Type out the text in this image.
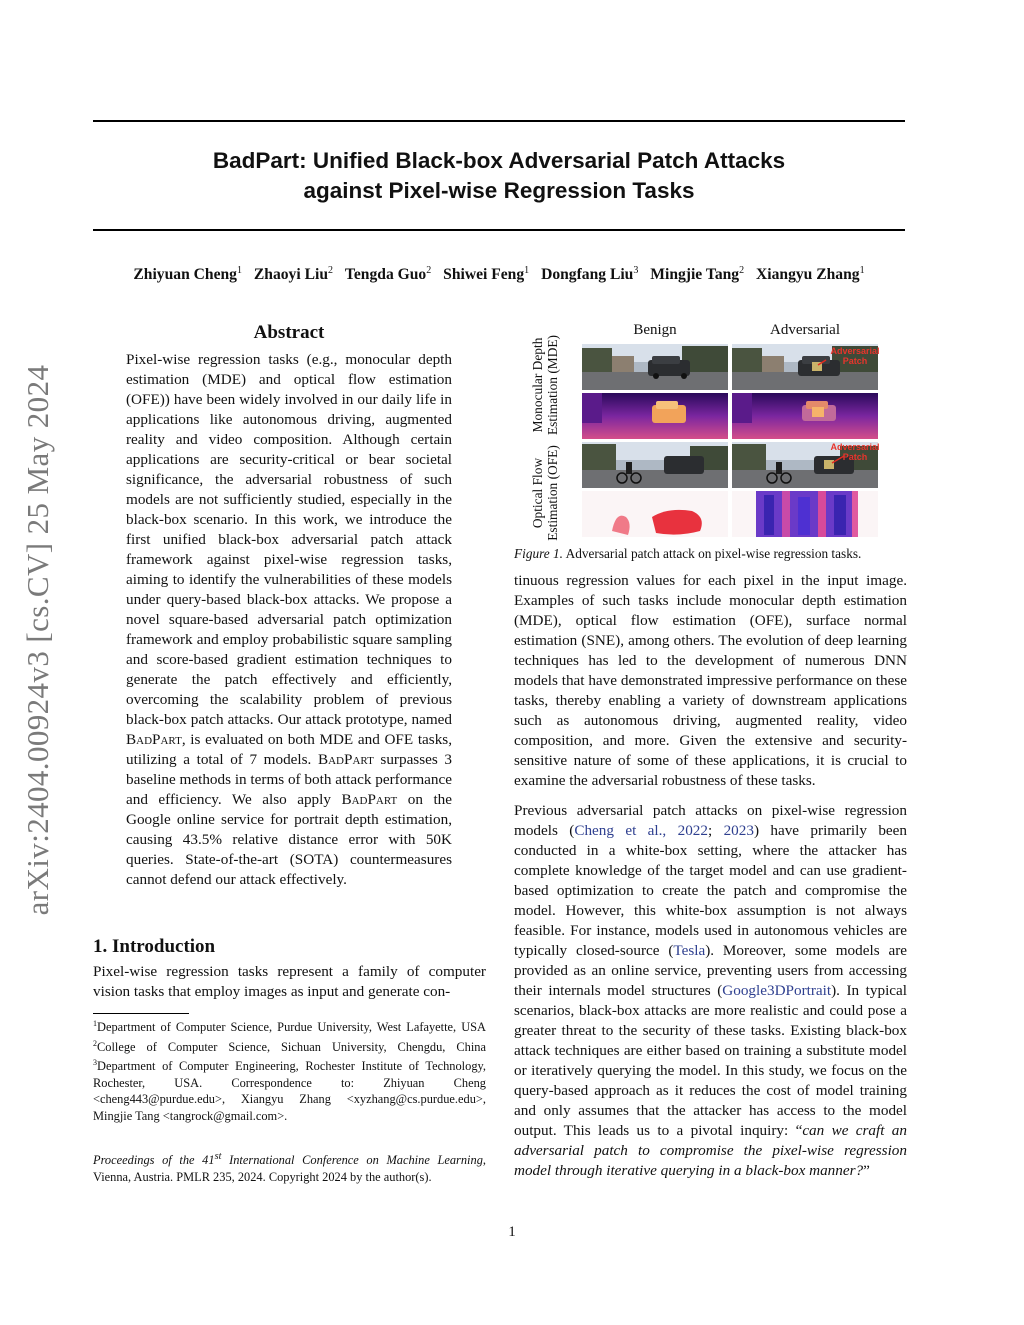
arXiv:2404.00924v3 [cs.CV] 25 May 2024
BadPart: Unified Black-box Adversarial Patch Attacks
against Pixel-wise Regression Tasks
Zhiyuan Cheng$^1$ Zhaoyi Liu$^2$ Tengda Guo$^2$ Shiwei Feng$^1$ Dongfang Liu$^3$ Mingjie Tang$^2$ Xiangyu Zhang$^1$
Abstract

Pixel-wise regression tasks (e.g., monocular depth estimation (MDE) and optical flow estimation (OFE)) have been widely involved in our daily life in applications like autonomous driving, augmented reality and video composition. Although certain applications are security-critical or bear societal significance, the adversarial robustness of such models are not sufficiently studied, especially in the black-box scenario. In this work, we introduce the first unified black-box adversarial patch attack framework against pixel-wise regression tasks, aiming to identify the vulnerabilities of these models under query-based black-box attacks. We propose a novel square-based adversarial patch optimization framework and employ probabilistic square sampling and score-based gradient estimation techniques to generate the patch effectively and efficiently, overcoming the scalability problem of previous black-box patch attacks. Our attack prototype, named BadPart, is evaluated on both MDE and OFE tasks, utilizing a total of 7 models. BadPart surpasses 3 baseline methods in terms of both attack performance and efficiency. We also apply BadPart on the Google online service for portrait depth estimation, causing 43.5% relative distance error with 50K queries. State-of-the-art (SOTA) countermeasures cannot defend our attack effectively.

1. Introduction

Pixel-wise regression tasks represent a family of computer vision tasks that employ images as input and generate con-

$^1$Department of Computer Science, Purdue University, West Lafayette, USA $^2$College of Computer Science, Sichuan University, Chengdu, China $^3$Department of Computer Engineering, Rochester Institute of Technology, Rochester, USA. Correspondence to: Zhiyuan Cheng <cheng443@purdue.edu>, Xiangyu Zhang <xyzhang@cs.purdue.edu>, Mingjie Tang <tangrock@gmail.com>.

Proceedings of the 41st International Conference on Machine Learning, Vienna, Austria. PMLR 235, 2024. Copyright 2024 by the author(s).

Benign	Adversarial
Monocular Depth Estimation (MDE)
Optical Flow Estimation (OFE)
Adversarial Patch
Adversarial Patch
Figure 1. Adversarial patch attack on pixel-wise regression tasks.

tinuous regression values for each pixel in the input image. Examples of such tasks include monocular depth estimation (MDE), optical flow estimation (OFE), surface normal estimation (SNE), among others. The evolution of deep learning techniques has led to the development of numerous DNN models that have demonstrated impressive performance on these tasks, thereby enabling a variety of downstream applications such as autonomous driving, augmented reality, video composition, and more. Given the extensive and security-sensitive nature of some of these applications, it is crucial to examine the adversarial robustness of these tasks.

Previous adversarial patch attacks on pixel-wise regression models (Cheng et al., 2022; 2023) have primarily been conducted in a white-box setting, where the attacker has complete knowledge of the target model and can use gradient-based optimization to create the patch and compromise the model. However, this white-box assumption is not always feasible. For instance, models used in autonomous vehicles are typically closed-source (Tesla). Moreover, some models are provided as an online service, preventing users from accessing their internals model structures (Google3DPortrait). In typical scenarios, black-box attacks are more realistic and could pose a greater threat to the security of these tasks. Existing black-box attack techniques are either based on training a substitute model or iteratively querying the model. In this study, we focus on the query-based approach as it reduces the cost of model training and only assumes that the attacker has access to the model output. This leads us to a pivotal inquiry: “can we craft an adversarial patch to compromise the pixel-wise regression model through iterative querying in a black-box manner?”

1
